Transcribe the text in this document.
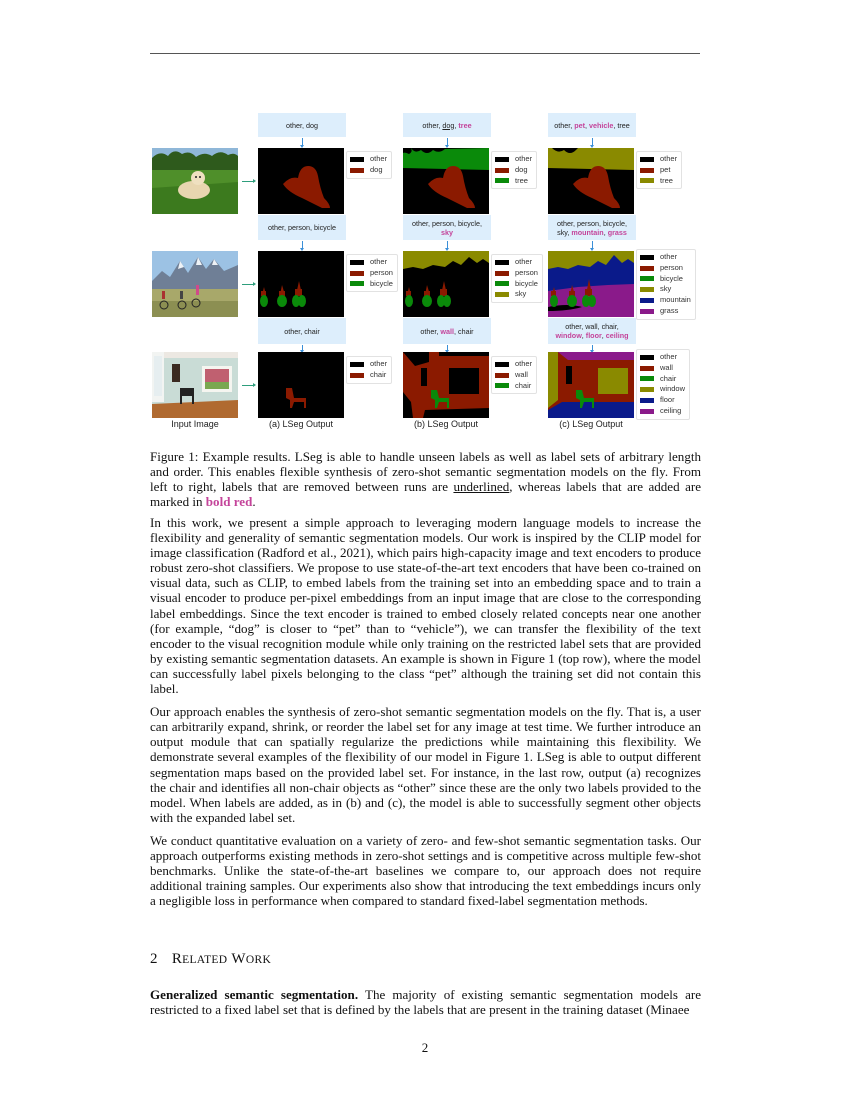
other, dog	other, dog, tree	other, pet, vehicle, tree
other
dog
other
dog
tree
other
pet
tree
other, person, bicycle	other, person, bicycle,
sky
other, person, bicycle,
sky, mountain, grass
other
person
bicycle
other
person
bicycle
sky
other
person
bicycle
sky
mountain
grass
other, chair	other, wall, chair	other, wall, chair,
window, floor, ceiling
other
chair
other
wall
chair
other
wall
chair
window
floor
ceiling
Input Image	(a) LSeg Output	(b) LSeg Output	(c) LSeg Output

Figure 1: Example results. LSeg is able to handle unseen labels as well as label sets of arbitrary length and order. This enables flexible synthesis of zero-shot semantic segmentation models on the fly. From left to right, labels that are removed between runs are underlined, whereas labels that are added are marked in bold red.

In this work, we present a simple approach to leveraging modern language models to increase the flexibility and generality of semantic segmentation models. Our work is inspired by the CLIP model for image classification (Radford et al., 2021), which pairs high-capacity image and text encoders to produce robust zero-shot classifiers. We propose to use state-of-the-art text encoders that have been co-trained on visual data, such as CLIP, to embed labels from the training set into an embedding space and to train a visual encoder to produce per-pixel embeddings from an input image that are close to the corresponding label embeddings. Since the text encoder is trained to embed closely related concepts near one another (for example, “dog” is closer to “pet” than to “vehicle”), we can transfer the flexibility of the text encoder to the visual recognition module while only training on the restricted label sets that are provided by existing semantic segmentation datasets. An example is shown in Figure 1 (top row), where the model can successfully label pixels belonging to the class “pet” although the training set did not contain this label.

Our approach enables the synthesis of zero-shot semantic segmentation models on the fly. That is, a user can arbitrarily expand, shrink, or reorder the label set for any image at test time. We further introduce an output module that can spatially regularize the predictions while maintaining this flexibility. We demonstrate several examples of the flexibility of our model in Figure 1. LSeg is able to output different segmentation maps based on the provided label set. For instance, in the last row, output (a) recognizes the chair and identifies all non-chair objects as “other” since these are the only two labels provided to the model. When labels are added, as in (b) and (c), the model is able to successfully segment other objects with the expanded label set.

We conduct quantitative evaluation on a variety of zero- and few-shot semantic segmentation tasks. Our approach outperforms existing methods in zero-shot settings and is competitive across multiple few-shot benchmarks. Unlike the state-of-the-art baselines we compare to, our approach does not require additional training samples. Our experiments also show that introducing the text embeddings incurs only a negligible loss in performance when compared to standard fixed-label segmentation methods.

2 RELATED WORK

Generalized semantic segmentation. The majority of existing semantic segmentation models are restricted to a fixed label set that is defined by the labels that are present in the training dataset (Minaee

2
